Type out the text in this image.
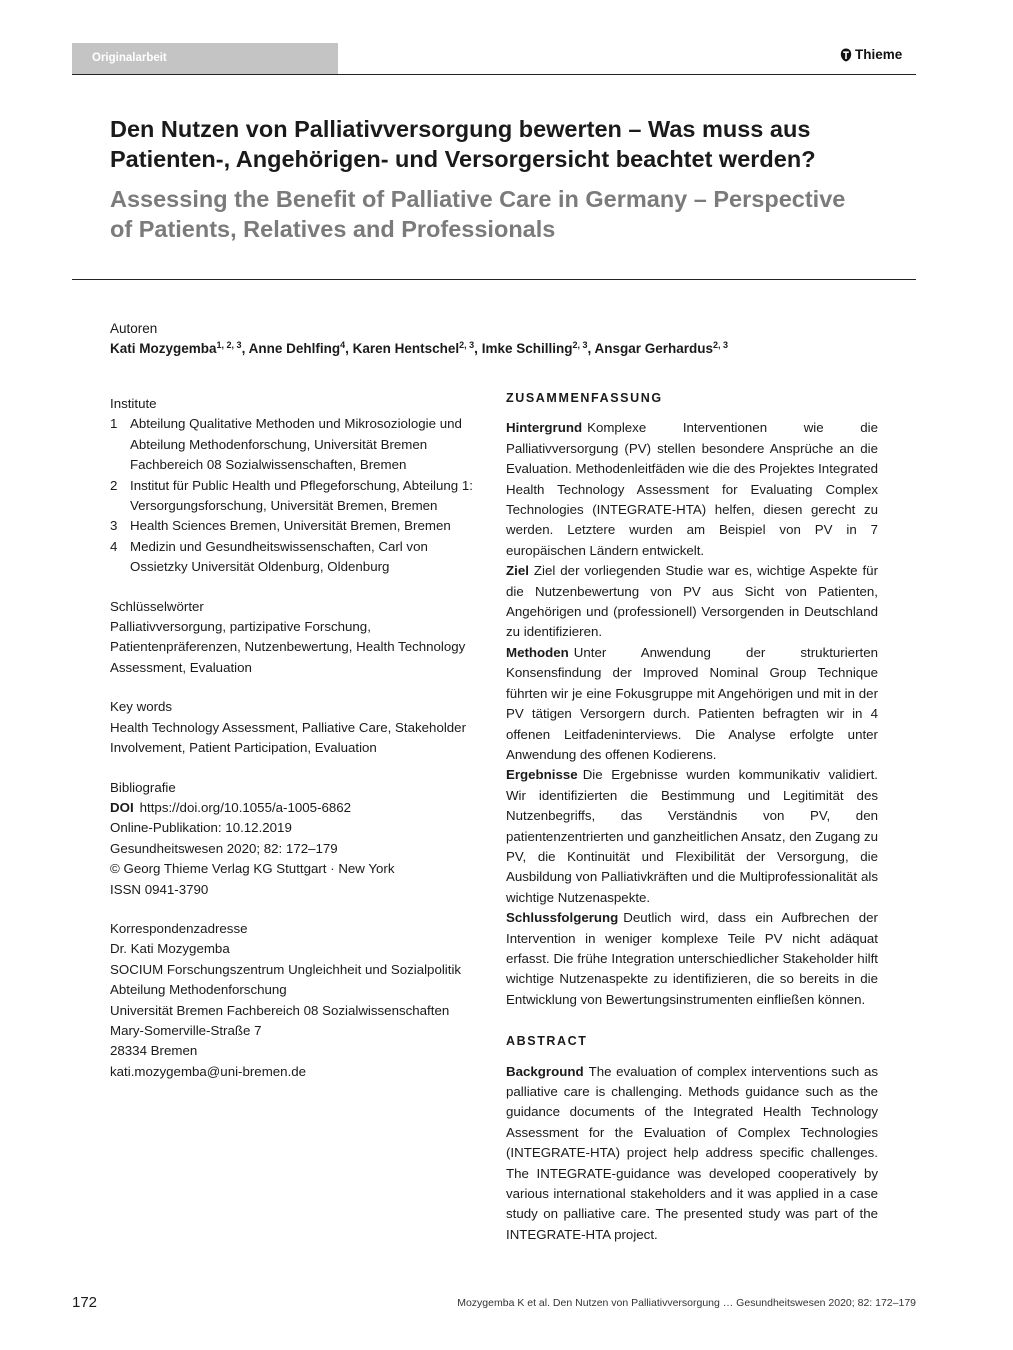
Originalarbeit	Thieme
Den Nutzen von Palliativversorgung bewerten – Was muss aus
Patienten-, Angehörigen- und Versorgersicht beachtet werden?
Assessing the Benefit of Palliative Care in Germany – Perspective
of Patients, Relatives and Professionals
Autoren
Kati Mozygemba$^{1, 2, 3}$, Anne Dehlfing$^4$, Karen Hentschel$^{2, 3}$, Imke Schilling$^{2, 3}$, Ansgar Gerhardus$^{2, 3}$
Institute
1 Abteilung Qualitative Methoden und Mikrosoziologie und Abteilung Methodenforschung, Universität Bremen Fachbereich 08 Sozialwissenschaften, Bremen
2 Institut für Public Health und Pflegeforschung, Abteilung 1: Versorgungsforschung, Universität Bremen, Bremen
3 Health Sciences Bremen, Universität Bremen, Bremen
4 Medizin und Gesundheitswissenschaften, Carl von Ossietzky Universität Oldenburg, Oldenburg
Schlüsselwörter
Palliativversorgung, partizipative Forschung, Patientenpräferenzen, Nutzenbewertung, Health Technology Assessment, Evaluation
Key words
Health Technology Assessment, Palliative Care, Stakeholder Involvement, Patient Participation, Evaluation
Bibliografie
DOI https://doi.org/10.1055/a-1005-6862
Online-Publikation: 10.12.2019
Gesundheitswesen 2020; 82: 172–179
© Georg Thieme Verlag KG Stuttgart · New York
ISSN 0941-3790
Korrespondenzadresse
Dr. Kati Mozygemba
SOCIUM Forschungszentrum Ungleichheit und Sozialpolitik
Abteilung Methodenforschung
Universität Bremen Fachbereich 08 Sozialwissenschaften
Mary-Somerville-Straße 7
28334 Bremen
kati.mozygemba@uni-bremen.de
ZUSAMMENFASSUNG

Hintergrund Komplexe Interventionen wie die Palliativversorgung (PV) stellen besondere Ansprüche an die Evaluation. Methodenleitfäden wie die des Projektes Integrated Health Technology Assessment for Evaluating Complex Technologies (INTEGRATE-HTA) helfen, diesen gerecht zu werden. Letztere wurden am Beispiel von PV in 7 europäischen Ländern entwickelt.

Ziel Ziel der vorliegenden Studie war es, wichtige Aspekte für die Nutzenbewertung von PV aus Sicht von Patienten, Angehörigen und (professionell) Versorgenden in Deutschland zu identifizieren.

Methoden Unter Anwendung der strukturierten Konsensfindung der Improved Nominal Group Technique führten wir je eine Fokusgruppe mit Angehörigen und mit in der PV tätigen Versorgern durch. Patienten befragten wir in 4 offenen Leitfadeninterviews. Die Analyse erfolgte unter Anwendung des offenen Kodierens.

Ergebnisse Die Ergebnisse wurden kommunikativ validiert. Wir identifizierten die Bestimmung und Legitimität des Nutzenbegriffs, das Verständnis von PV, den patientenzentrierten und ganzheitlichen Ansatz, den Zugang zu PV, die Kontinuität und Flexibilität der Versorgung, die Ausbildung von Palliativkräften und die Multiprofessionalität als wichtige Nutzenaspekte.

Schlussfolgerung Deutlich wird, dass ein Aufbrechen der Intervention in weniger komplexe Teile PV nicht adäquat erfasst. Die frühe Integration unterschiedlicher Stakeholder hilft wichtige Nutzenaspekte zu identifizieren, die so bereits in die Entwicklung von Bewertungsinstrumenten einfließen können.

ABSTRACT

Background The evaluation of complex interventions such as palliative care is challenging. Methods guidance such as the guidance documents of the Integrated Health Technology Assessment for the Evaluation of Complex Technologies (INTEGRATE-HTA) project help address specific challenges. The INTEGRATE-guidance was developed cooperatively by various international stakeholders and it was applied in a case study on palliative care. The presented study was part of the INTEGRATE-HTA project.

172	Mozygemba K et al. Den Nutzen von Palliativversorgung … Gesundheitswesen 2020; 82: 172–179
